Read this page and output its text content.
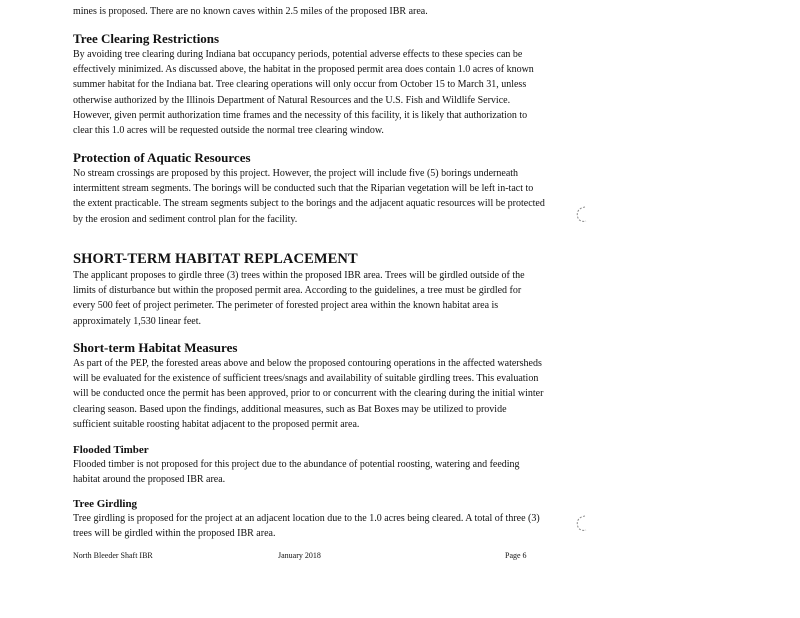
mines is proposed. There are no known caves within 2.5 miles of the proposed IBR area.

Tree Clearing Restrictions

By avoiding tree clearing during Indiana bat occupancy periods, potential adverse effects to these species can be effectively minimized. As discussed above, the habitat in the proposed permit area does contain 1.0 acres of known summer habitat for the Indiana bat. Tree clearing operations will only occur from October 15 to March 31, unless otherwise authorized by the Illinois Department of Natural Resources and the U.S. Fish and Wildlife Service. However, given permit authorization time frames and the necessity of this facility, it is likely that authorization to clear this 1.0 acres will be requested outside the normal tree clearing window.

Protection of Aquatic Resources

No stream crossings are proposed by this project. However, the project will include five (5) borings underneath intermittent stream segments. The borings will be conducted such that the Riparian vegetation will be left in-tact to the extent practicable. The stream segments subject to the borings and the adjacent aquatic resources will be protected by the erosion and sediment control plan for the facility.

SHORT-TERM HABITAT REPLACEMENT

The applicant proposes to girdle three (3) trees within the proposed IBR area. Trees will be girdled outside of the limits of disturbance but within the proposed permit area. According to the guidelines, a tree must be girdled for every 500 feet of project perimeter. The perimeter of forested project area within the known habitat area is approximately 1,530 linear feet.

Short-term Habitat Measures

As part of the PEP, the forested areas above and below the proposed contouring operations in the affected watersheds will be evaluated for the existence of sufficient trees/snags and availability of suitable girdling trees. This evaluation will be conducted once the permit has been approved, prior to or concurrent with the clearing during the initial winter clearing season. Based upon the findings, additional measures, such as Bat Boxes may be utilized to provide sufficient suitable roosting habitat adjacent to the proposed permit area.

Flooded Timber

Flooded timber is not proposed for this project due to the abundance of potential roosting, watering and feeding habitat around the proposed IBR area.

Tree Girdling

Tree girdling is proposed for the project at an adjacent location due to the 1.0 acres being cleared. A total of three (3) trees will be girdled within the proposed IBR area.

North Bleeder Shaft IBR	January 2018	Page 6
